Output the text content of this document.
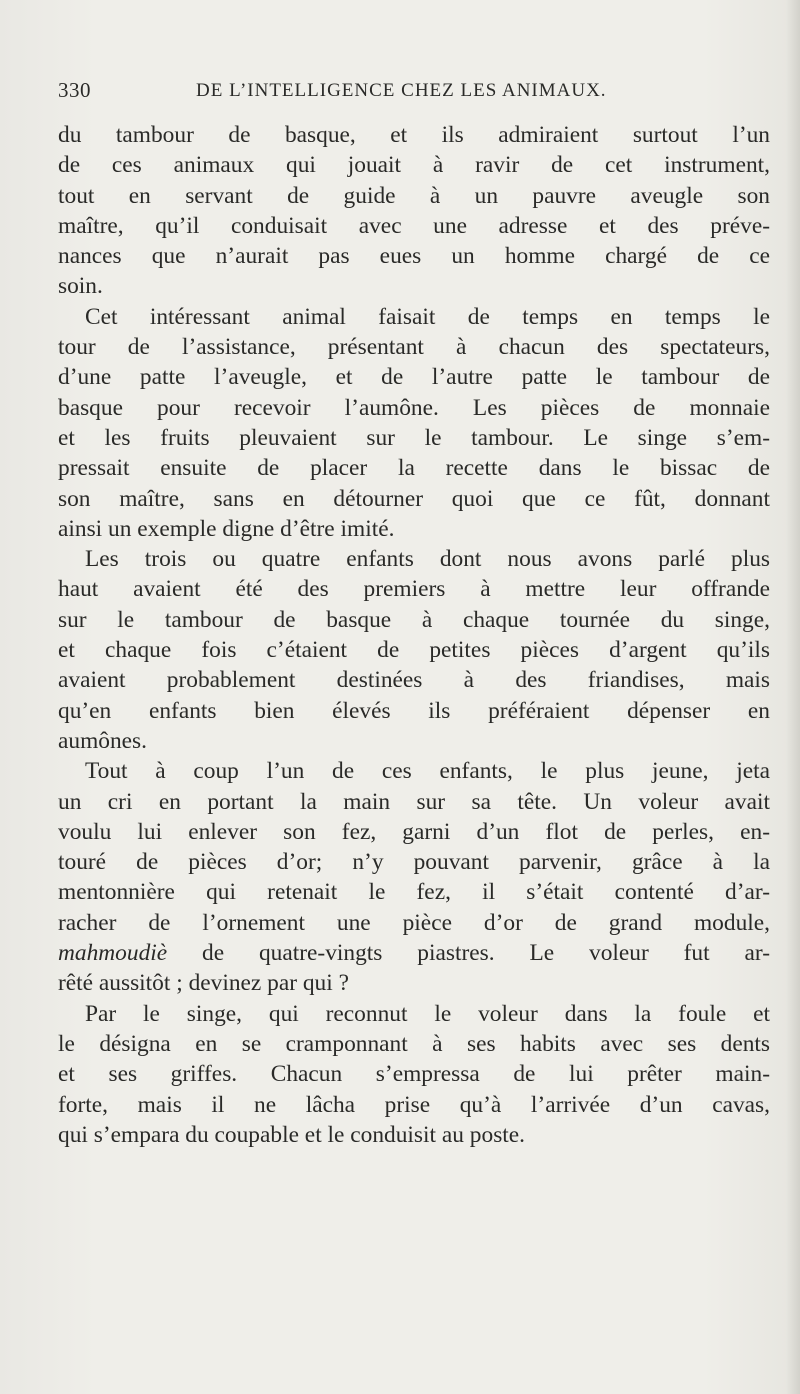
330	DE L’INTELLIGENCE CHEZ LES ANIMAUX.

du tambour de basque, et ils admiraient surtout l’un
de ces animaux qui jouait à ravir de cet instrument,
tout en servant de guide à un pauvre aveugle son
maître, qu’il conduisait avec une adresse et des préve-
nances que n’aurait pas eues un homme chargé de ce
soin.

Cet intéressant animal faisait de temps en temps le
tour de l’assistance, présentant à chacun des spectateurs,
d’une patte l’aveugle, et de l’autre patte le tambour de
basque pour recevoir l’aumône. Les pièces de monnaie
et les fruits pleuvaient sur le tambour. Le singe s’em-
pressait ensuite de placer la recette dans le bissac de
son maître, sans en détourner quoi que ce fût, donnant
ainsi un exemple digne d’être imité.

Les trois ou quatre enfants dont nous avons parlé plus
haut avaient été des premiers à mettre leur offrande
sur le tambour de basque à chaque tournée du singe,
et chaque fois c’étaient de petites pièces d’argent qu’ils
avaient probablement destinées à des friandises, mais
qu’en enfants bien élevés ils préféraient dépenser en
aumônes.

Tout à coup l’un de ces enfants, le plus jeune, jeta
un cri en portant la main sur sa tête. Un voleur avait
voulu lui enlever son fez, garni d’un flot de perles, en-
touré de pièces d’or; n’y pouvant parvenir, grâce à la
mentonnière qui retenait le fez, il s’était contenté d’ar-
racher de l’ornement une pièce d’or de grand module,
mahmoudiè de quatre-vingts piastres. Le voleur fut ar-
rêté aussitôt ; devinez par qui ?

Par le singe, qui reconnut le voleur dans la foule et
le désigna en se cramponnant à ses habits avec ses dents
et ses griffes. Chacun s’empressa de lui prêter main-
forte, mais il ne lâcha prise qu’à l’arrivée d’un cavas,
qui s’empara du coupable et le conduisit au poste.
